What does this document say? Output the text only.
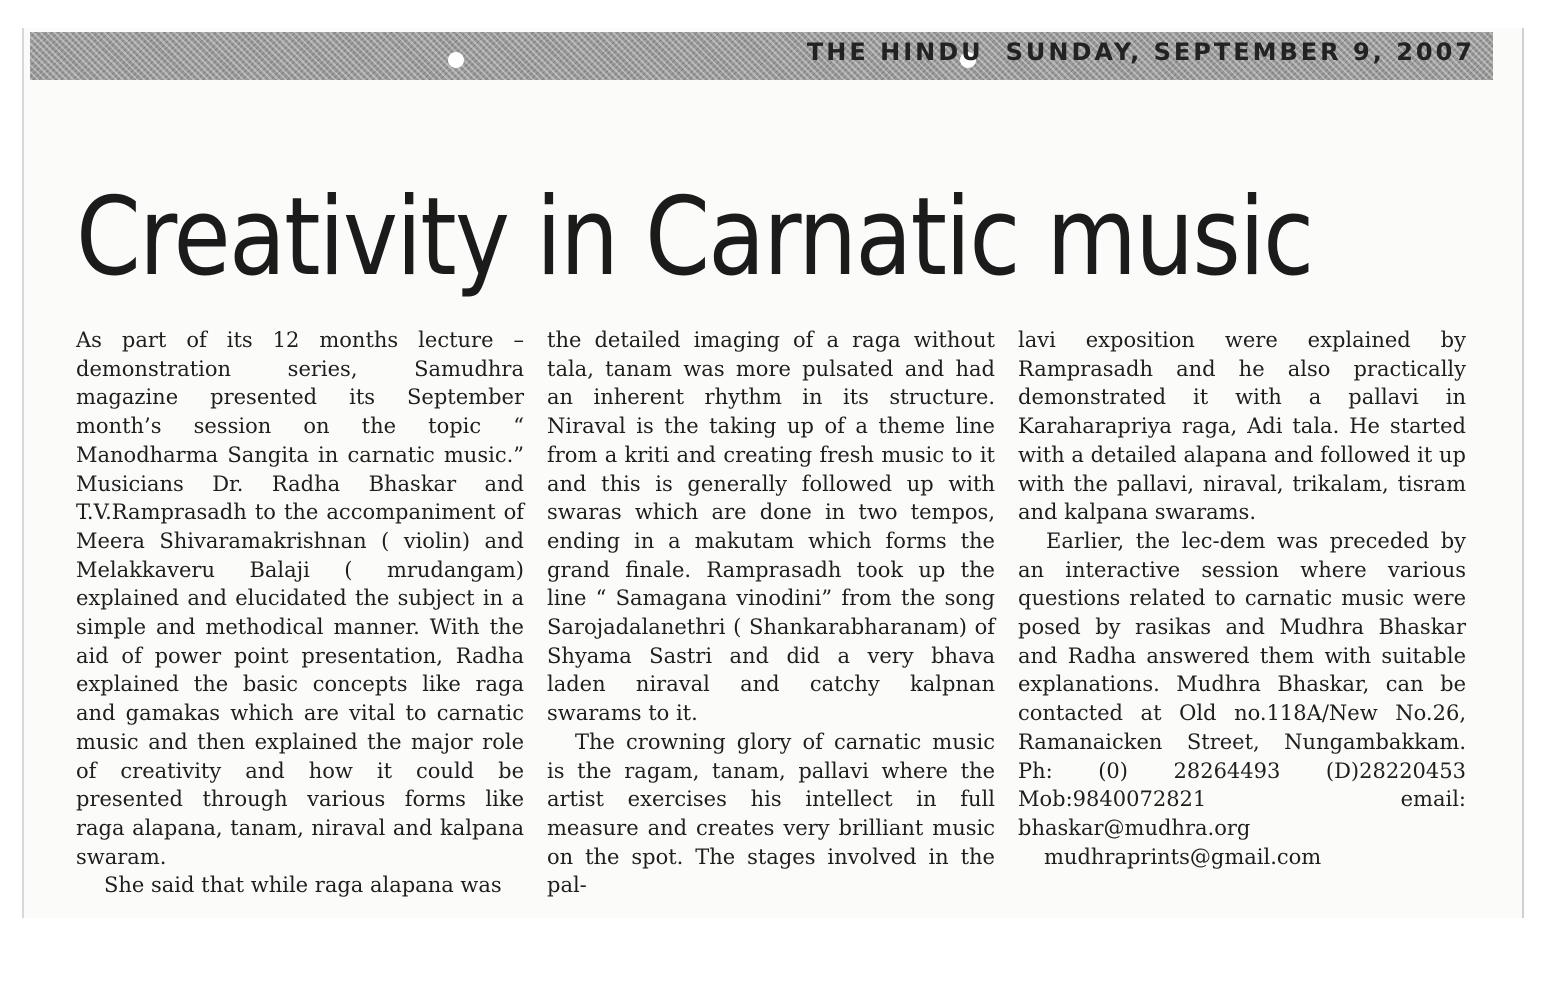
THE HINDU SUNDAY, SEPTEMBER 9, 2007
Creativity in Carnatic music

As part of its 12 months lecture – demonstration series, Samudhra magazine presented its September month’s session on the topic “ Manodharma Sangita in carnatic music.” Musicians Dr. Radha Bhaskar and T.V.Ramprasadh to the accompaniment of Meera Shivaramakrishnan ( violin) and Melakkaveru Balaji ( mrudangam) explained and elucidated the subject in a simple and methodical manner. With the aid of power point presentation, Radha explained the basic concepts like raga and gamakas which are vital to carnatic music and then explained the major role of creativity and how it could be presented through various forms like raga alapana, tanam, niraval and kalpana swaram.

She said that while raga alapana was

the detailed imaging of a raga without tala, tanam was more pulsated and had an inherent rhythm in its structure. Niraval is the taking up of a theme line from a kriti and creating fresh music to it and this is generally followed up with swaras which are done in two tempos, ending in a makutam which forms the grand finale. Ramprasadh took up the line “ Samagana vinodini” from the song Sarojadalanethri ( Shankarabharanam) of Shyama Sastri and did a very bhava laden niraval and catchy kalpnan swarams to it.

The crowning glory of carnatic music is the ragam, tanam, pallavi where the artist exercises his intellect in full measure and creates very brilliant music on the spot. The stages involved in the pal-

lavi exposition were explained by Ramprasadh and he also practically demonstrated it with a pallavi in Karaharapriya raga, Adi tala. He started with a detailed alapana and followed it up with the pallavi, niraval, trikalam, tisram and kalpana swarams.

Earlier, the lec-dem was preceded by an interactive session where various questions related to carnatic music were posed by rasikas and Mudhra Bhaskar and Radha answered them with suitable explanations. Mudhra Bhaskar, can be contacted at Old no.118A/New No.26, Ramanaicken Street, Nungambakkam. Ph: (0) 28264493 (D)28220453 Mob:9840072821 email: bhaskar@mudhra.org

mudhraprints@gmail.com
